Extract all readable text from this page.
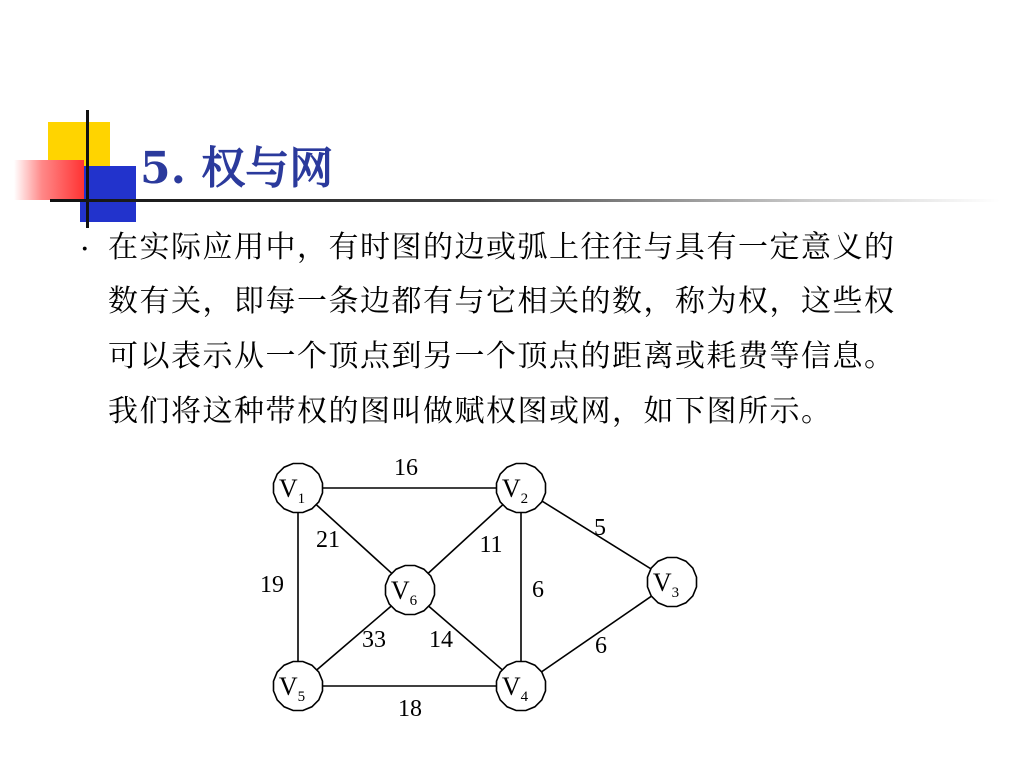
5. 权与网
· 在实际应用中，有时图的边或弧上往往与具有一定意义的
数有关，即每一条边都有与它相关的数，称为权，这些权
可以表示从一个顶点到另一个顶点的距离或耗费等信息。
我们将这种带权的图叫做赋权图或网，如下图所示。
16
21
19
11
5
6
6
33 14
18
$V_1$	$V_2$
$V_3$
$V_4$
$V_5$
$V_6$
